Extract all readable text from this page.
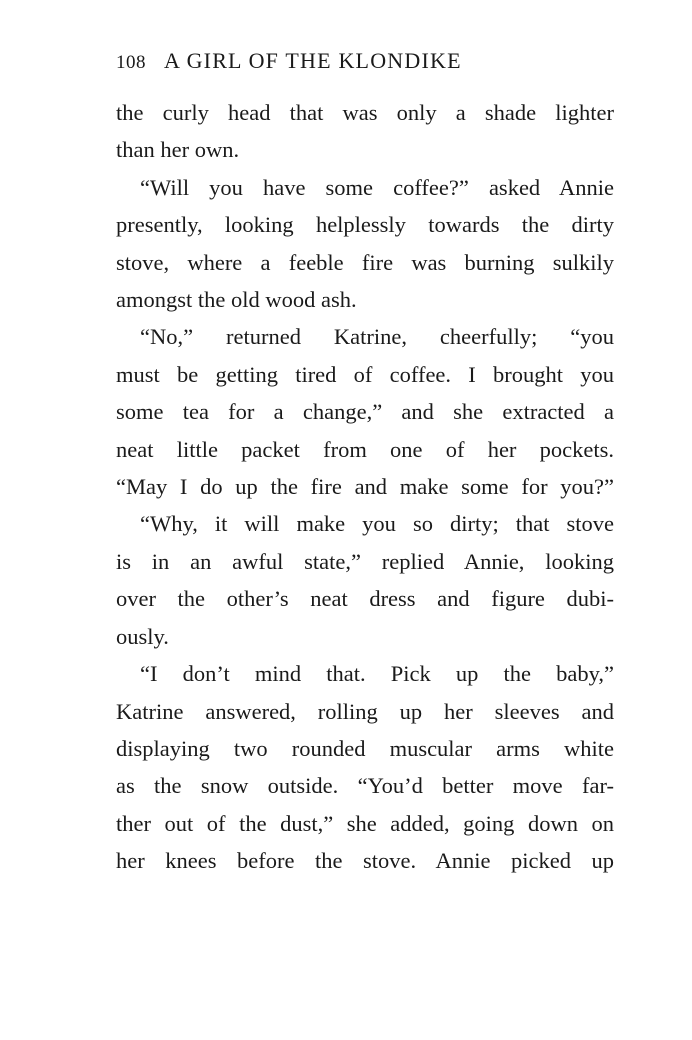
108 A GIRL OF THE KLONDIKE

the curly head that was only a shade lighter

than her own.

“Will you have some coffee?” asked Annie

presently, looking helplessly towards the dirty

stove, where a feeble fire was burning sulkily

amongst the old wood ash.

“No,” returned Katrine, cheerfully; “you

must be getting tired of coffee. I brought you

some tea for a change,” and she extracted a

neat little packet from one of her pockets.

“May I do up the fire and make some for you?”

“Why, it will make you so dirty; that stove

is in an awful state,” replied Annie, looking

over the other’s neat dress and figure dubi-

ously.

“I don’t mind that. Pick up the baby,”

Katrine answered, rolling up her sleeves and

displaying two rounded muscular arms white

as the snow outside. “You’d better move far-

ther out of the dust,” she added, going down on

her knees before the stove. Annie picked up
